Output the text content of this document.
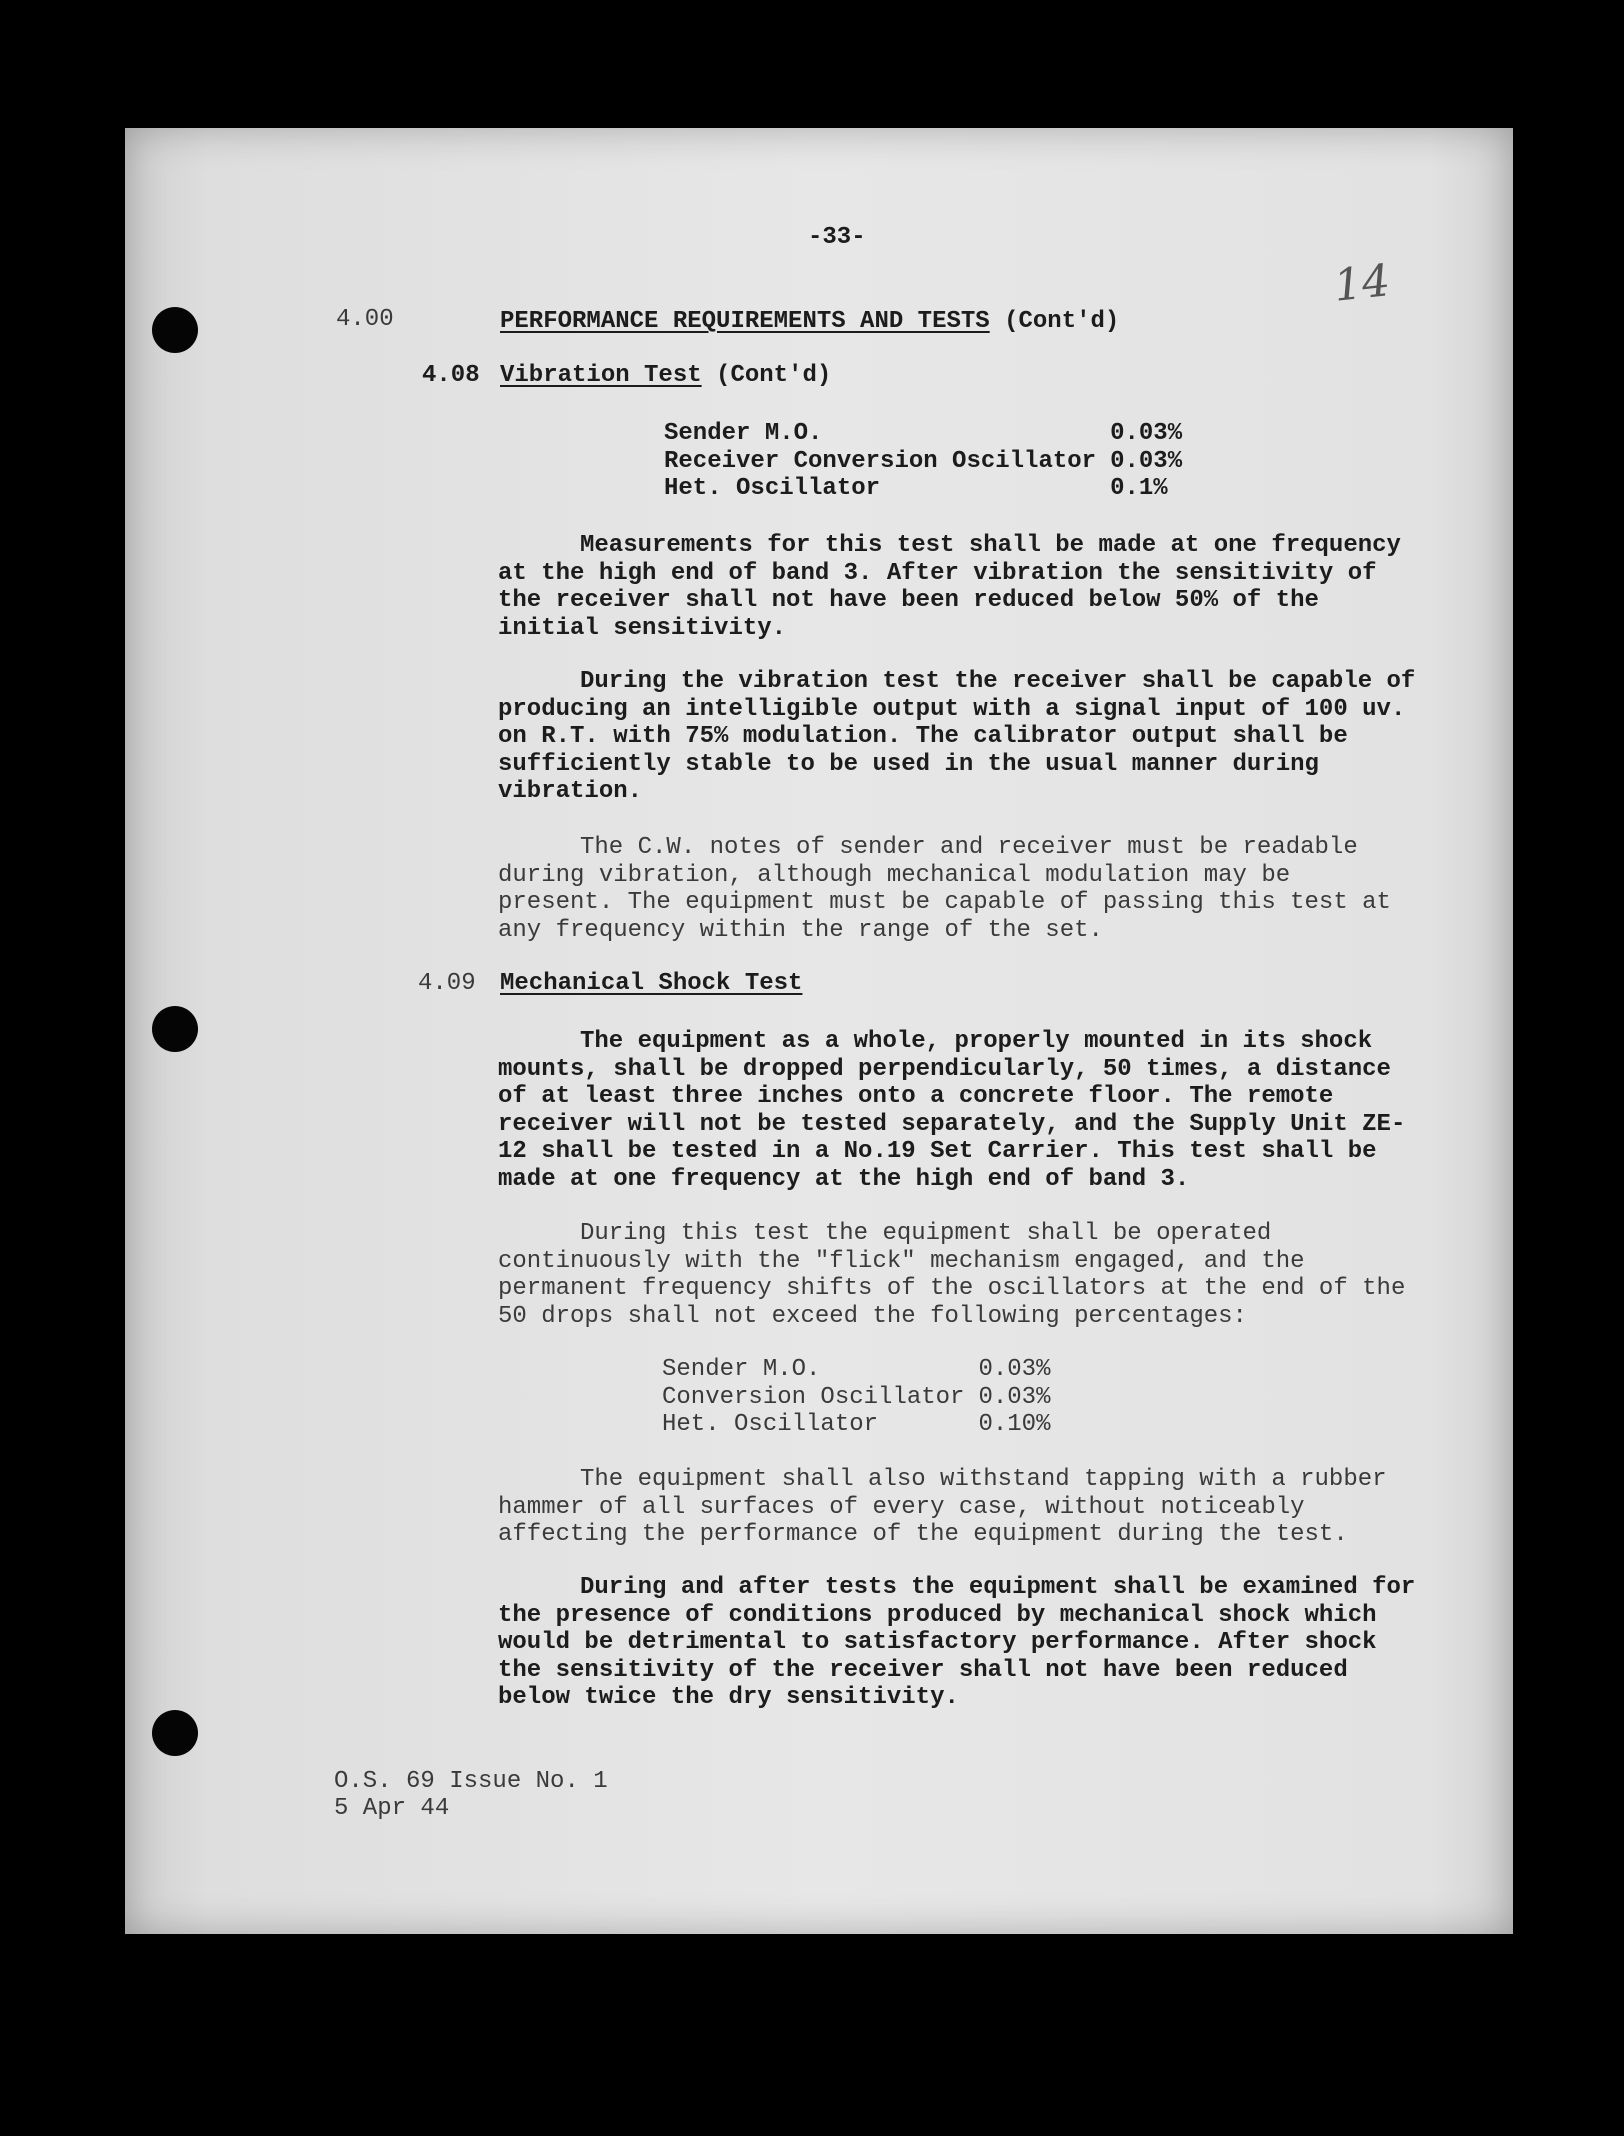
-33-
14
4.00	PERFORMANCE REQUIREMENTS AND TESTS (Cont'd)
4.08 Vibration Test (Cont'd)
Sender M.O.	0.03%
Receiver Conversion Oscillator	0.03%
Het. Oscillator	0.1%
Measurements for this test shall be made at one frequency at the high end of band 3. After vibration the sensitivity of the receiver shall not have been reduced below 50% of the initial sensitivity.
During the vibration test the receiver shall be capable of producing an intelligible output with a signal input of 100 uv. on R.T. with 75% modulation. The calibrator output shall be sufficiently stable to be used in the usual manner during vibration.
The C.W. notes of sender and receiver must be readable during vibration, although mechanical modulation may be present. The equipment must be capable of passing this test at any frequency within the range of the set.
4.09 Mechanical Shock Test
The equipment as a whole, properly mounted in its shock mounts, shall be dropped perpendicularly, 50 times, a distance of at least three inches onto a concrete floor. The remote receiver will not be tested separately, and the Supply Unit ZE-12 shall be tested in a No.19 Set Carrier. This test shall be made at one frequency at the high end of band 3.
During this test the equipment shall be operated continuously with the "flick" mechanism engaged, and the permanent frequency shifts of the oscillators at the end of the 50 drops shall not exceed the following percentages:
Sender M.O.	0.03%
Conversion Oscillator	0.03%
Het. Oscillator	0.10%
The equipment shall also withstand tapping with a rubber hammer of all surfaces of every case, without noticeably affecting the performance of the equipment during the test.
During and after tests the equipment shall be examined for the presence of conditions produced by mechanical shock which would be detrimental to satisfactory performance. After shock the sensitivity of the receiver shall not have been reduced below twice the dry sensitivity.
O.S. 69 Issue No. 1
5 Apr 44
